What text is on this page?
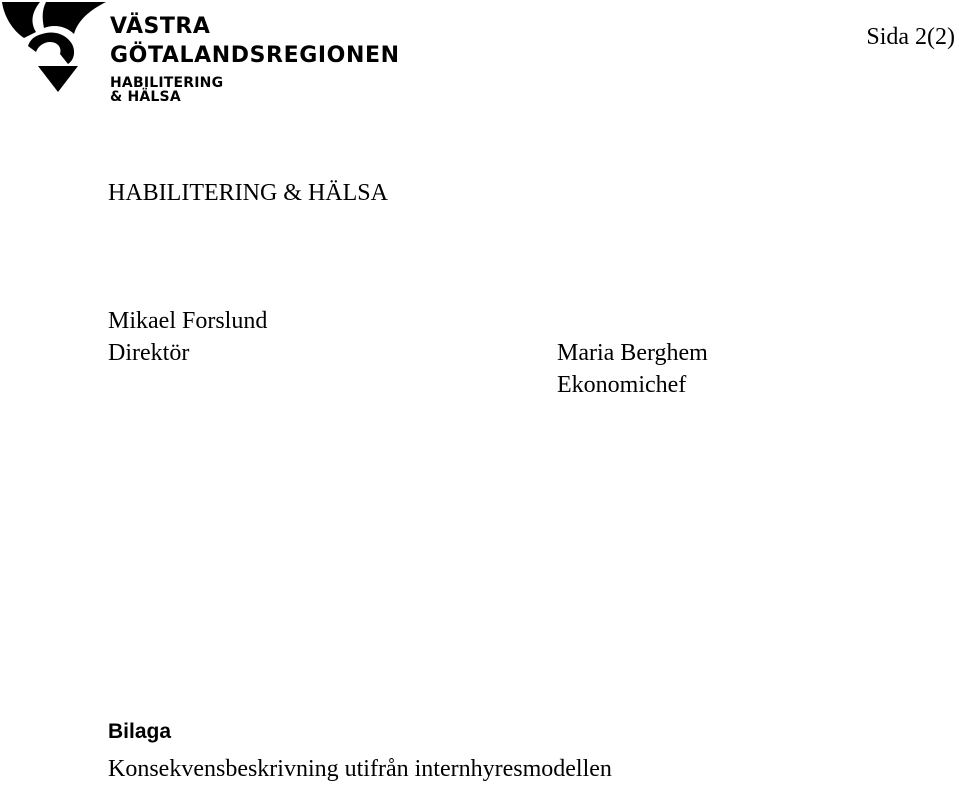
VÄSTRA
GÖTALANDSREGIONEN
HABILITERING & HÄLSA
Sida 2(2)
HABILITERING & HÄLSA
Mikael Forslund
Direktör	Maria Berghem
Ekonomichef
Bilaga
Konsekvensbeskrivning utifrån internhyresmodellen
